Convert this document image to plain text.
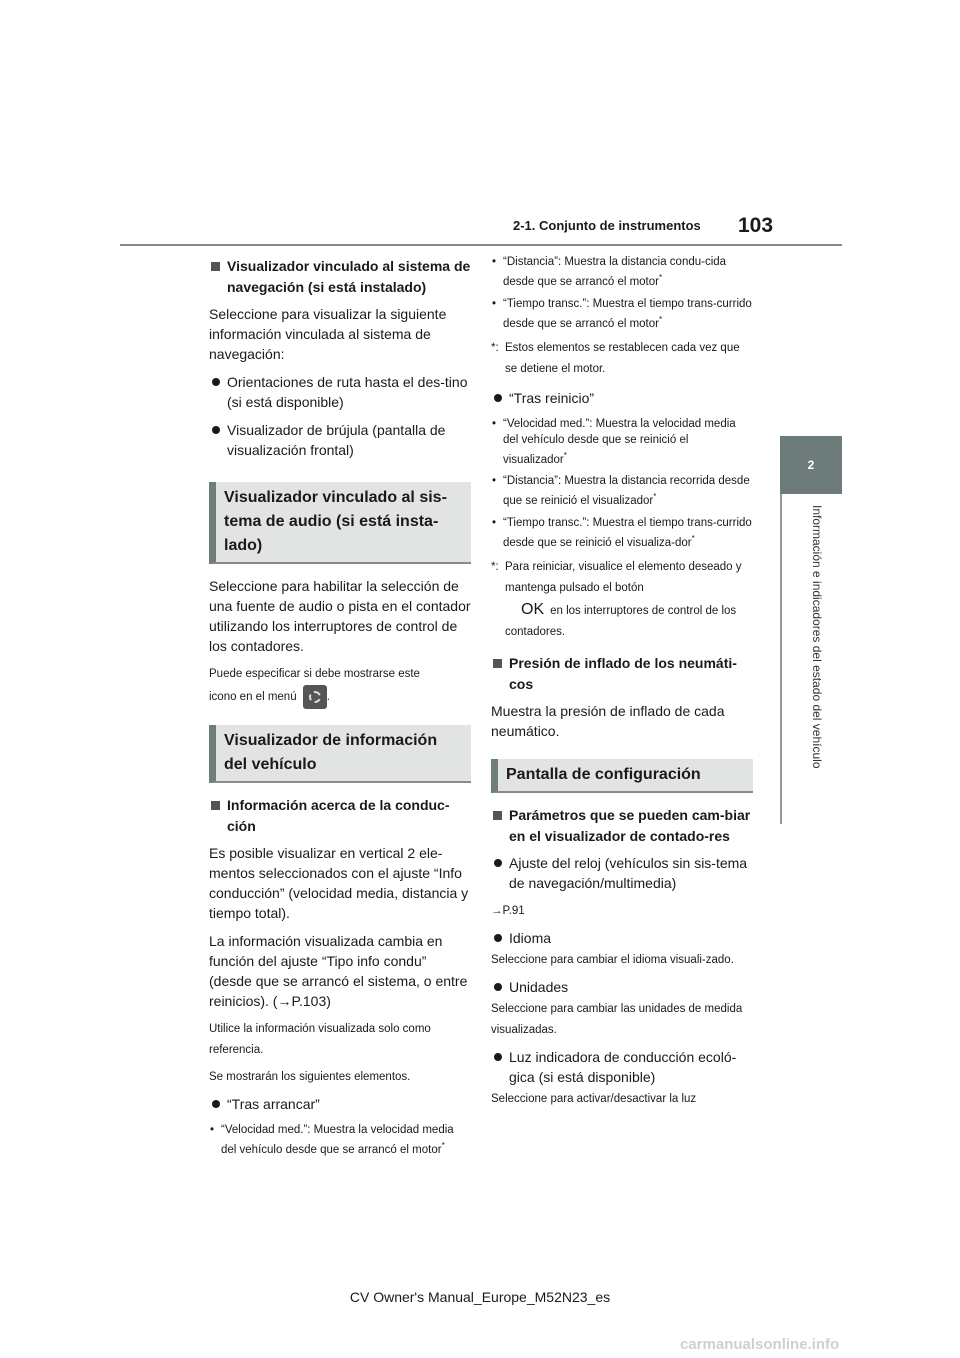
2-1. Conjunto de instrumentos 103
2
Información e indicadores del estado del vehículo
Visualizador vinculado al sistema de navegación (si está instalado)

Seleccione para visualizar la siguiente información vinculada al sistema de navegación:

Orientaciones de ruta hasta el des-tino (si está disponible)
Visualizador de brújula (pantalla de visualización frontal)
Visualizador vinculado al sis-tema de audio (si está insta-lado)

Seleccione para habilitar la selección de una fuente de audio o pista en el contador utilizando los interruptores de control de los contadores.

Puede especificar si debe mostrarse este

icono en el menú	.

Visualizador de información del vehículo
Información acerca de la conduc-ción

Es posible visualizar en vertical 2 ele-mentos seleccionados con el ajuste “Info conducción” (velocidad media, distancia y tiempo total).

La información visualizada cambia en función del ajuste “Tipo info condu” (desde que se arrancó el sistema, o entre reinicios). (→P.103)

Utilice la información visualizada solo como referencia.

Se mostrarán los siguientes elementos.

“Tras arrancar”
• “Velocidad med.”: Muestra la velocidad media del vehículo desde que se arrancó el motor*
• “Distancia”: Muestra la distancia condu-cida desde que se arrancó el motor*
• “Tiempo transc.”: Muestra el tiempo trans-currido desde que se arrancó el motor*
*: Estos elementos se restablecen cada vez que se detiene el motor.
“Tras reinicio”
• “Velocidad med.”: Muestra la velocidad media del vehículo desde que se reinició el visualizador*
• “Distancia”: Muestra la distancia recorrida desde que se reinició el visualizador*
• “Tiempo transc.”: Muestra el tiempo trans-currido desde que se reinició el visualiza-dor*
*: Para reiniciar, visualice el elemento deseado y mantenga pulsado el botón
OK en los interruptores de control de los contadores.
Presión de inflado de los neumáti-cos

Muestra la presión de inflado de cada neumático.

Pantalla de configuración
Parámetros que se pueden cam-biar en el visualizador de contado-res
Ajuste del reloj (vehículos sin sis-tema de navegación/multimedia)

→P.91

Idioma

Seleccione para cambiar el idioma visuali-zado.

Unidades

Seleccione para cambiar las unidades de medida visualizadas.

Luz indicadora de conducción ecoló-gica (si está disponible)

Seleccione para activar/desactivar la luz

CV Owner's Manual_Europe_M52N23_es
carmanualsonline.info
